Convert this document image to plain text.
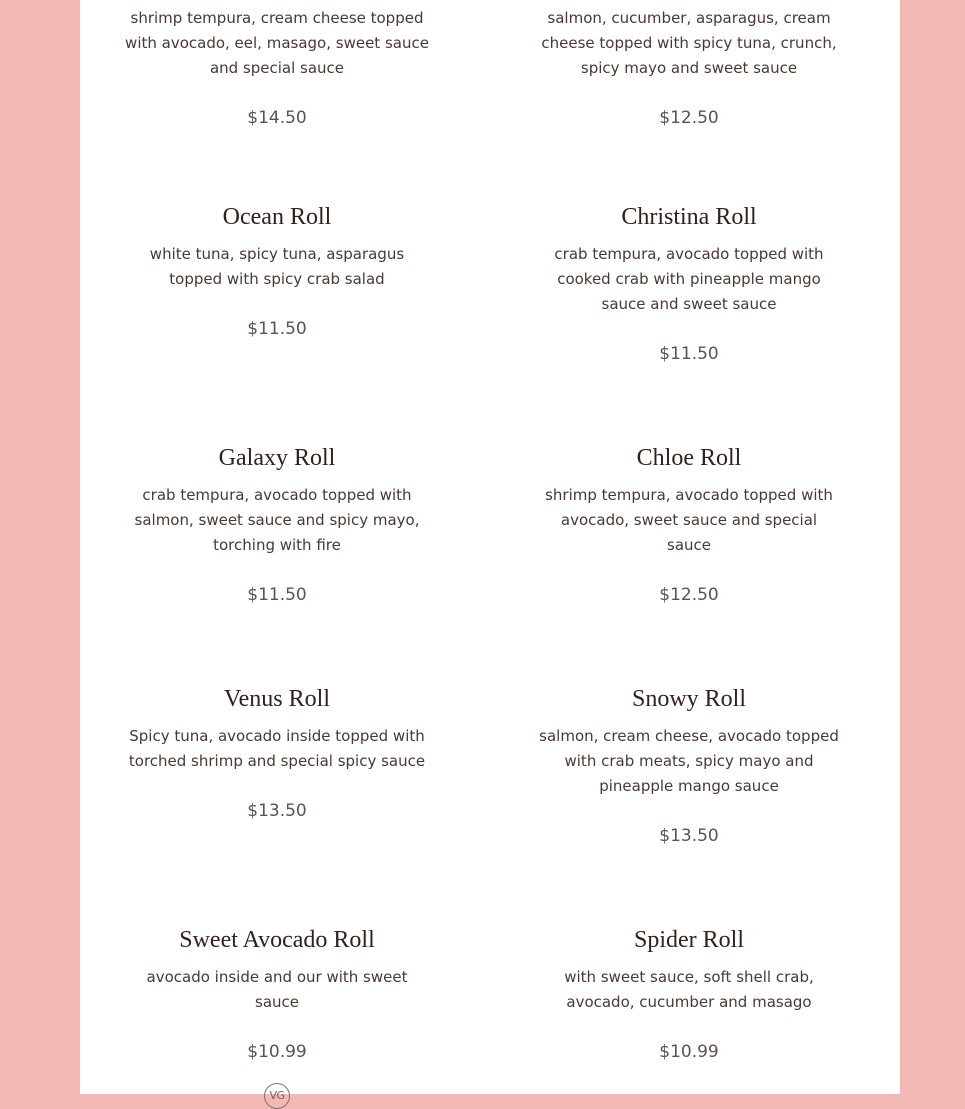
shrimp tempura, cream cheese topped with avocado, eel, masago, sweet sauce and special sauce

$14.50

salmon, cucumber, asparagus, cream cheese topped with spicy tuna, crunch, spicy mayo and sweet sauce

$12.50
Ocean Roll

white tuna, spicy tuna, asparagus topped with spicy crab salad

$11.50
Christina Roll

crab tempura, avocado topped with cooked crab with pineapple mango sauce and sweet sauce

$11.50
Galaxy Roll

crab tempura, avocado topped with salmon, sweet sauce and spicy mayo, torching with fire

$11.50
Chloe Roll

shrimp tempura, avocado topped with avocado, sweet sauce and special sauce

$12.50
Venus Roll

Spicy tuna, avocado inside topped with torched shrimp and special spicy sauce

$13.50
Snowy Roll

salmon, cream cheese, avocado topped with crab meats, spicy mayo and pineapple mango sauce

$13.50
Sweet Avocado Roll

avocado inside and our with sweet sauce

$10.99
VG
Spider Roll

with sweet sauce, soft shell crab, avocado, cucumber and masago

$10.99
